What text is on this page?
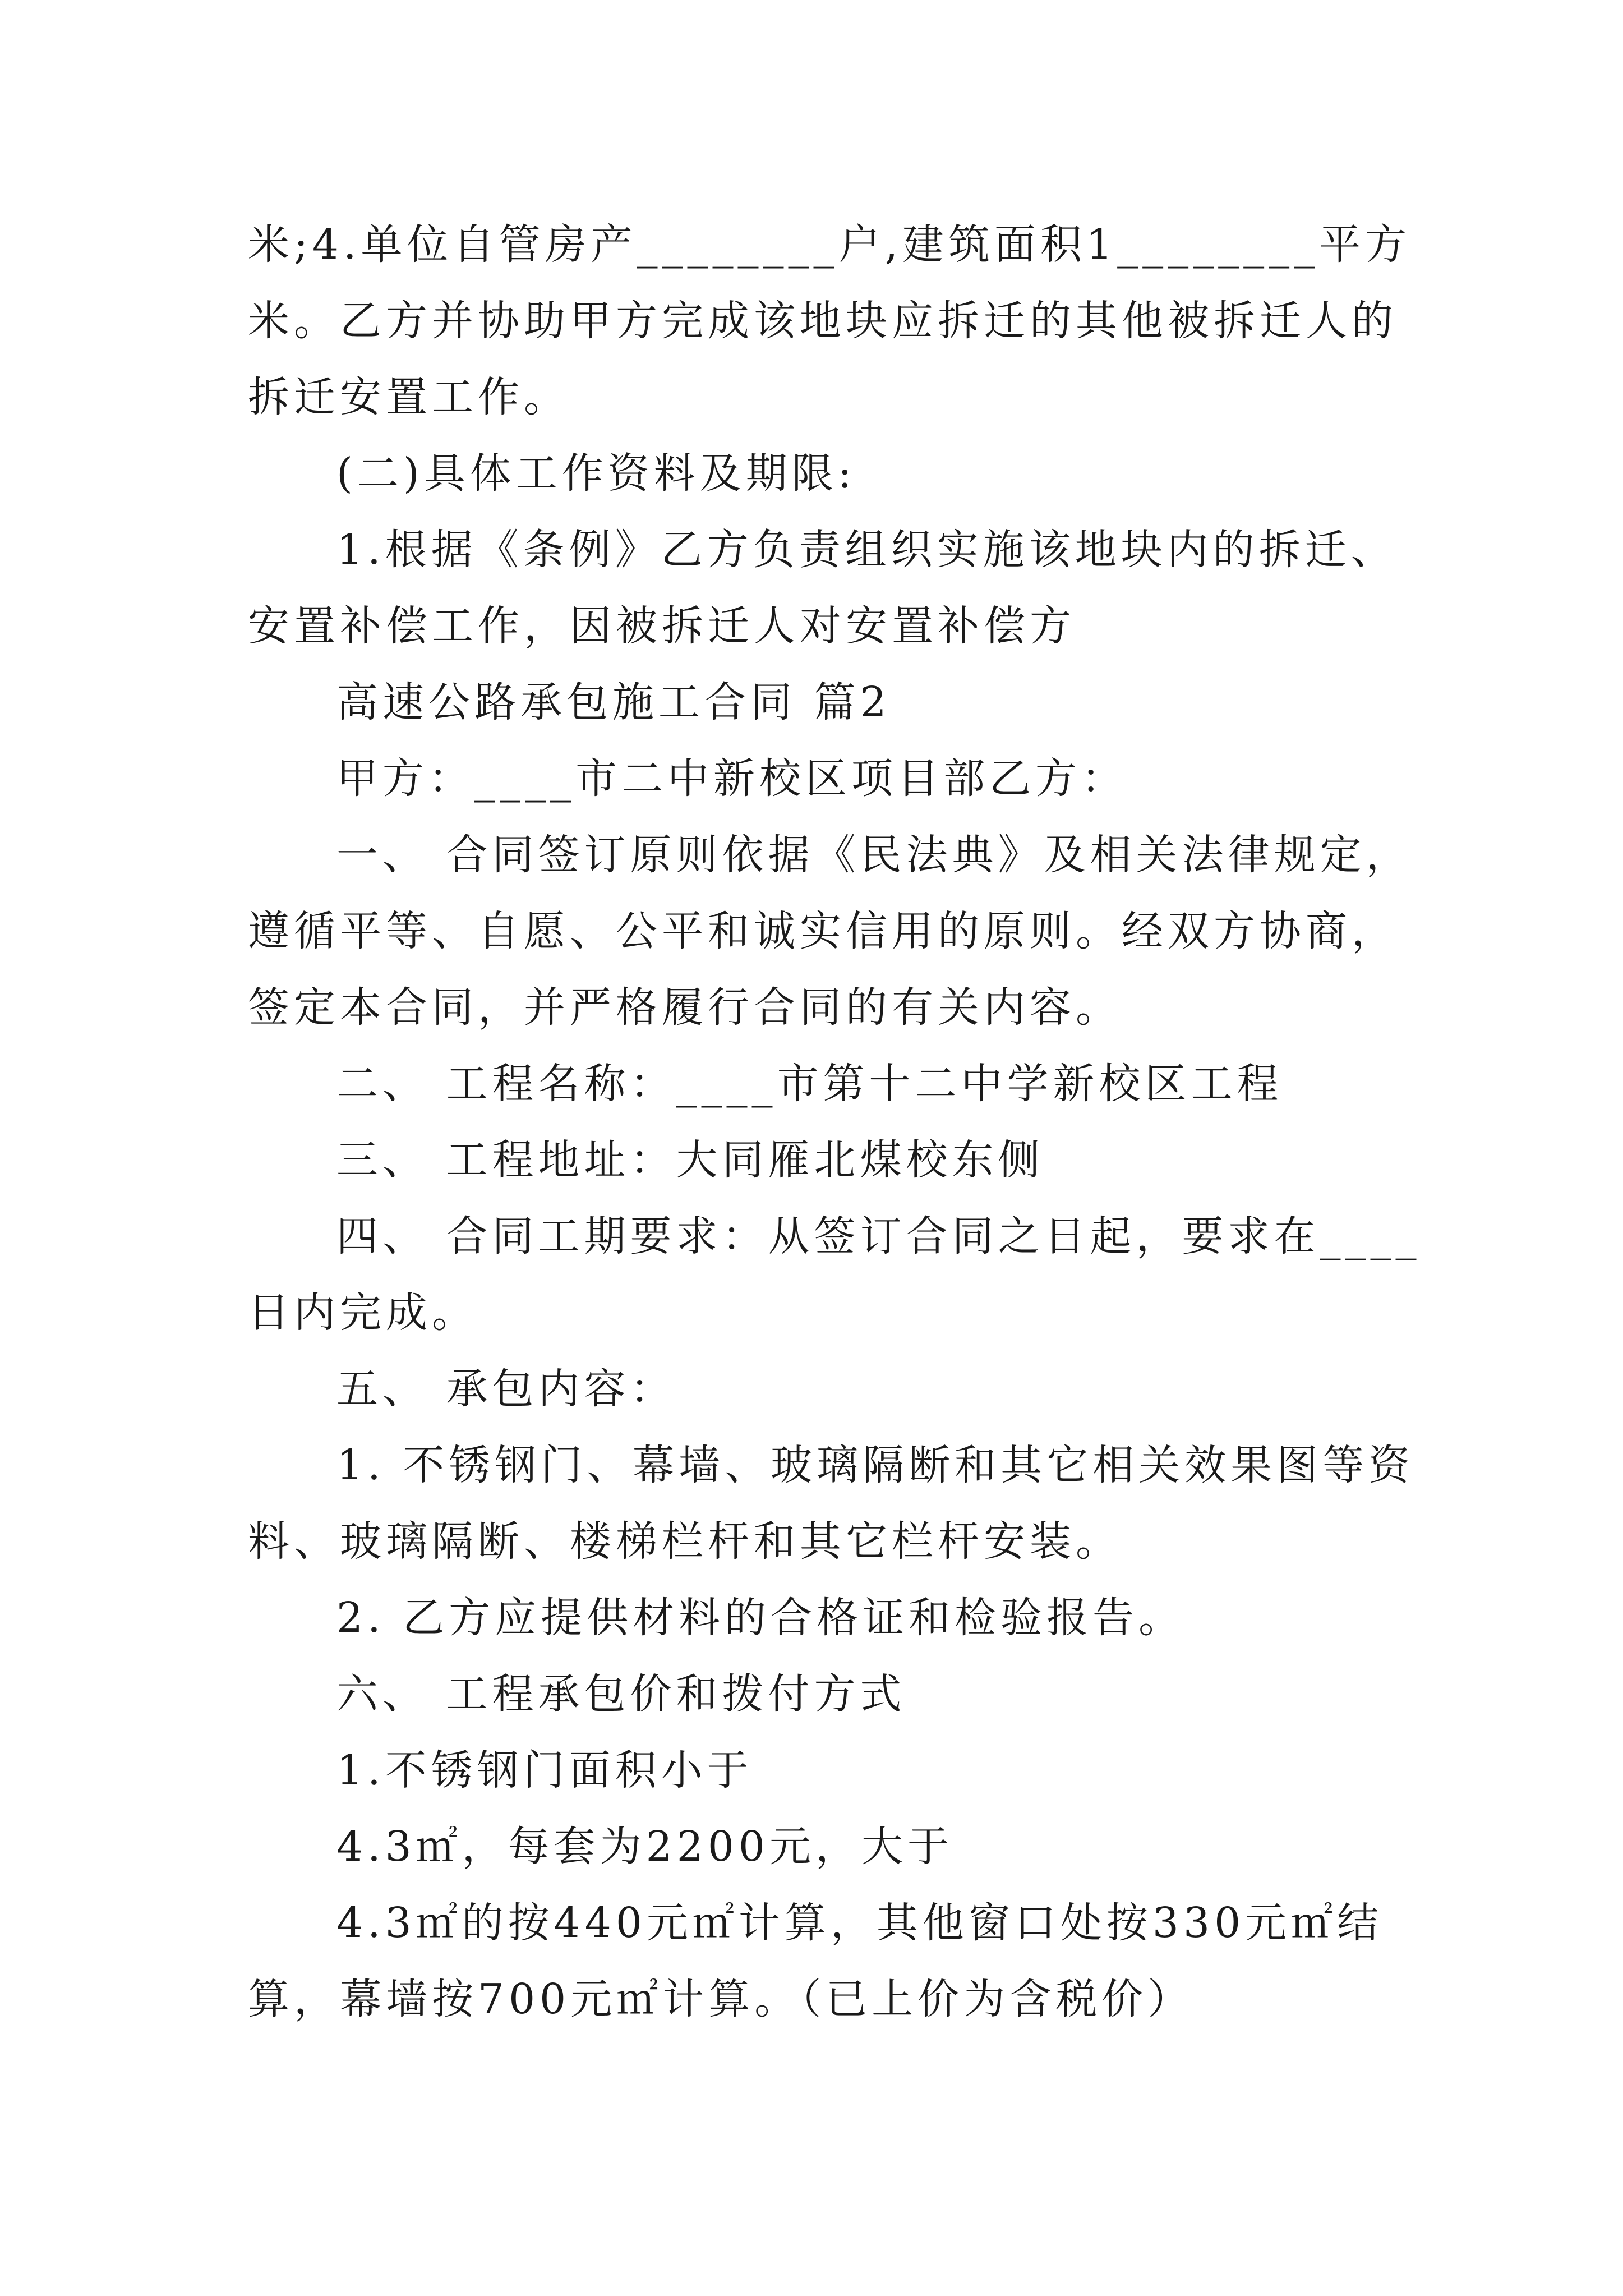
米;4.单位自管房产________户,建筑面积1________平方米。乙方并协助甲方完成该地块应拆迁的其他被拆迁人的拆迁安置工作。

(二)具体工作资料及期限:

1.根据《条例》乙方负责组织实施该地块内的拆迁、安置补偿工作，因被拆迁人对安置补偿方

高速公路承包施工合同 篇2

甲方：____市二中新校区项目部乙方：

一、 合同签订原则依据《民法典》及相关法律规定，遵循平等、自愿、公平和诚实信用的原则。经双方协商，签定本合同，并严格履行合同的有关内容。

二、 工程名称：____市第十二中学新校区工程

三、 工程地址：大同雁北煤校东侧

四、 合同工期要求：从签订合同之日起，要求在____日内完成。

五、 承包内容：

1. 不锈钢门、幕墙、玻璃隔断和其它相关效果图等资料、玻璃隔断、楼梯栏杆和其它栏杆安装。

2. 乙方应提供材料的合格证和检验报告。

六、 工程承包价和拨付方式

1.不锈钢门面积小于

4.3㎡，每套为2200元，大于

4.3㎡的按440元㎡计算，其他窗口处按330元㎡结算，幕墙按700元㎡计算。（已上价为含税价）
